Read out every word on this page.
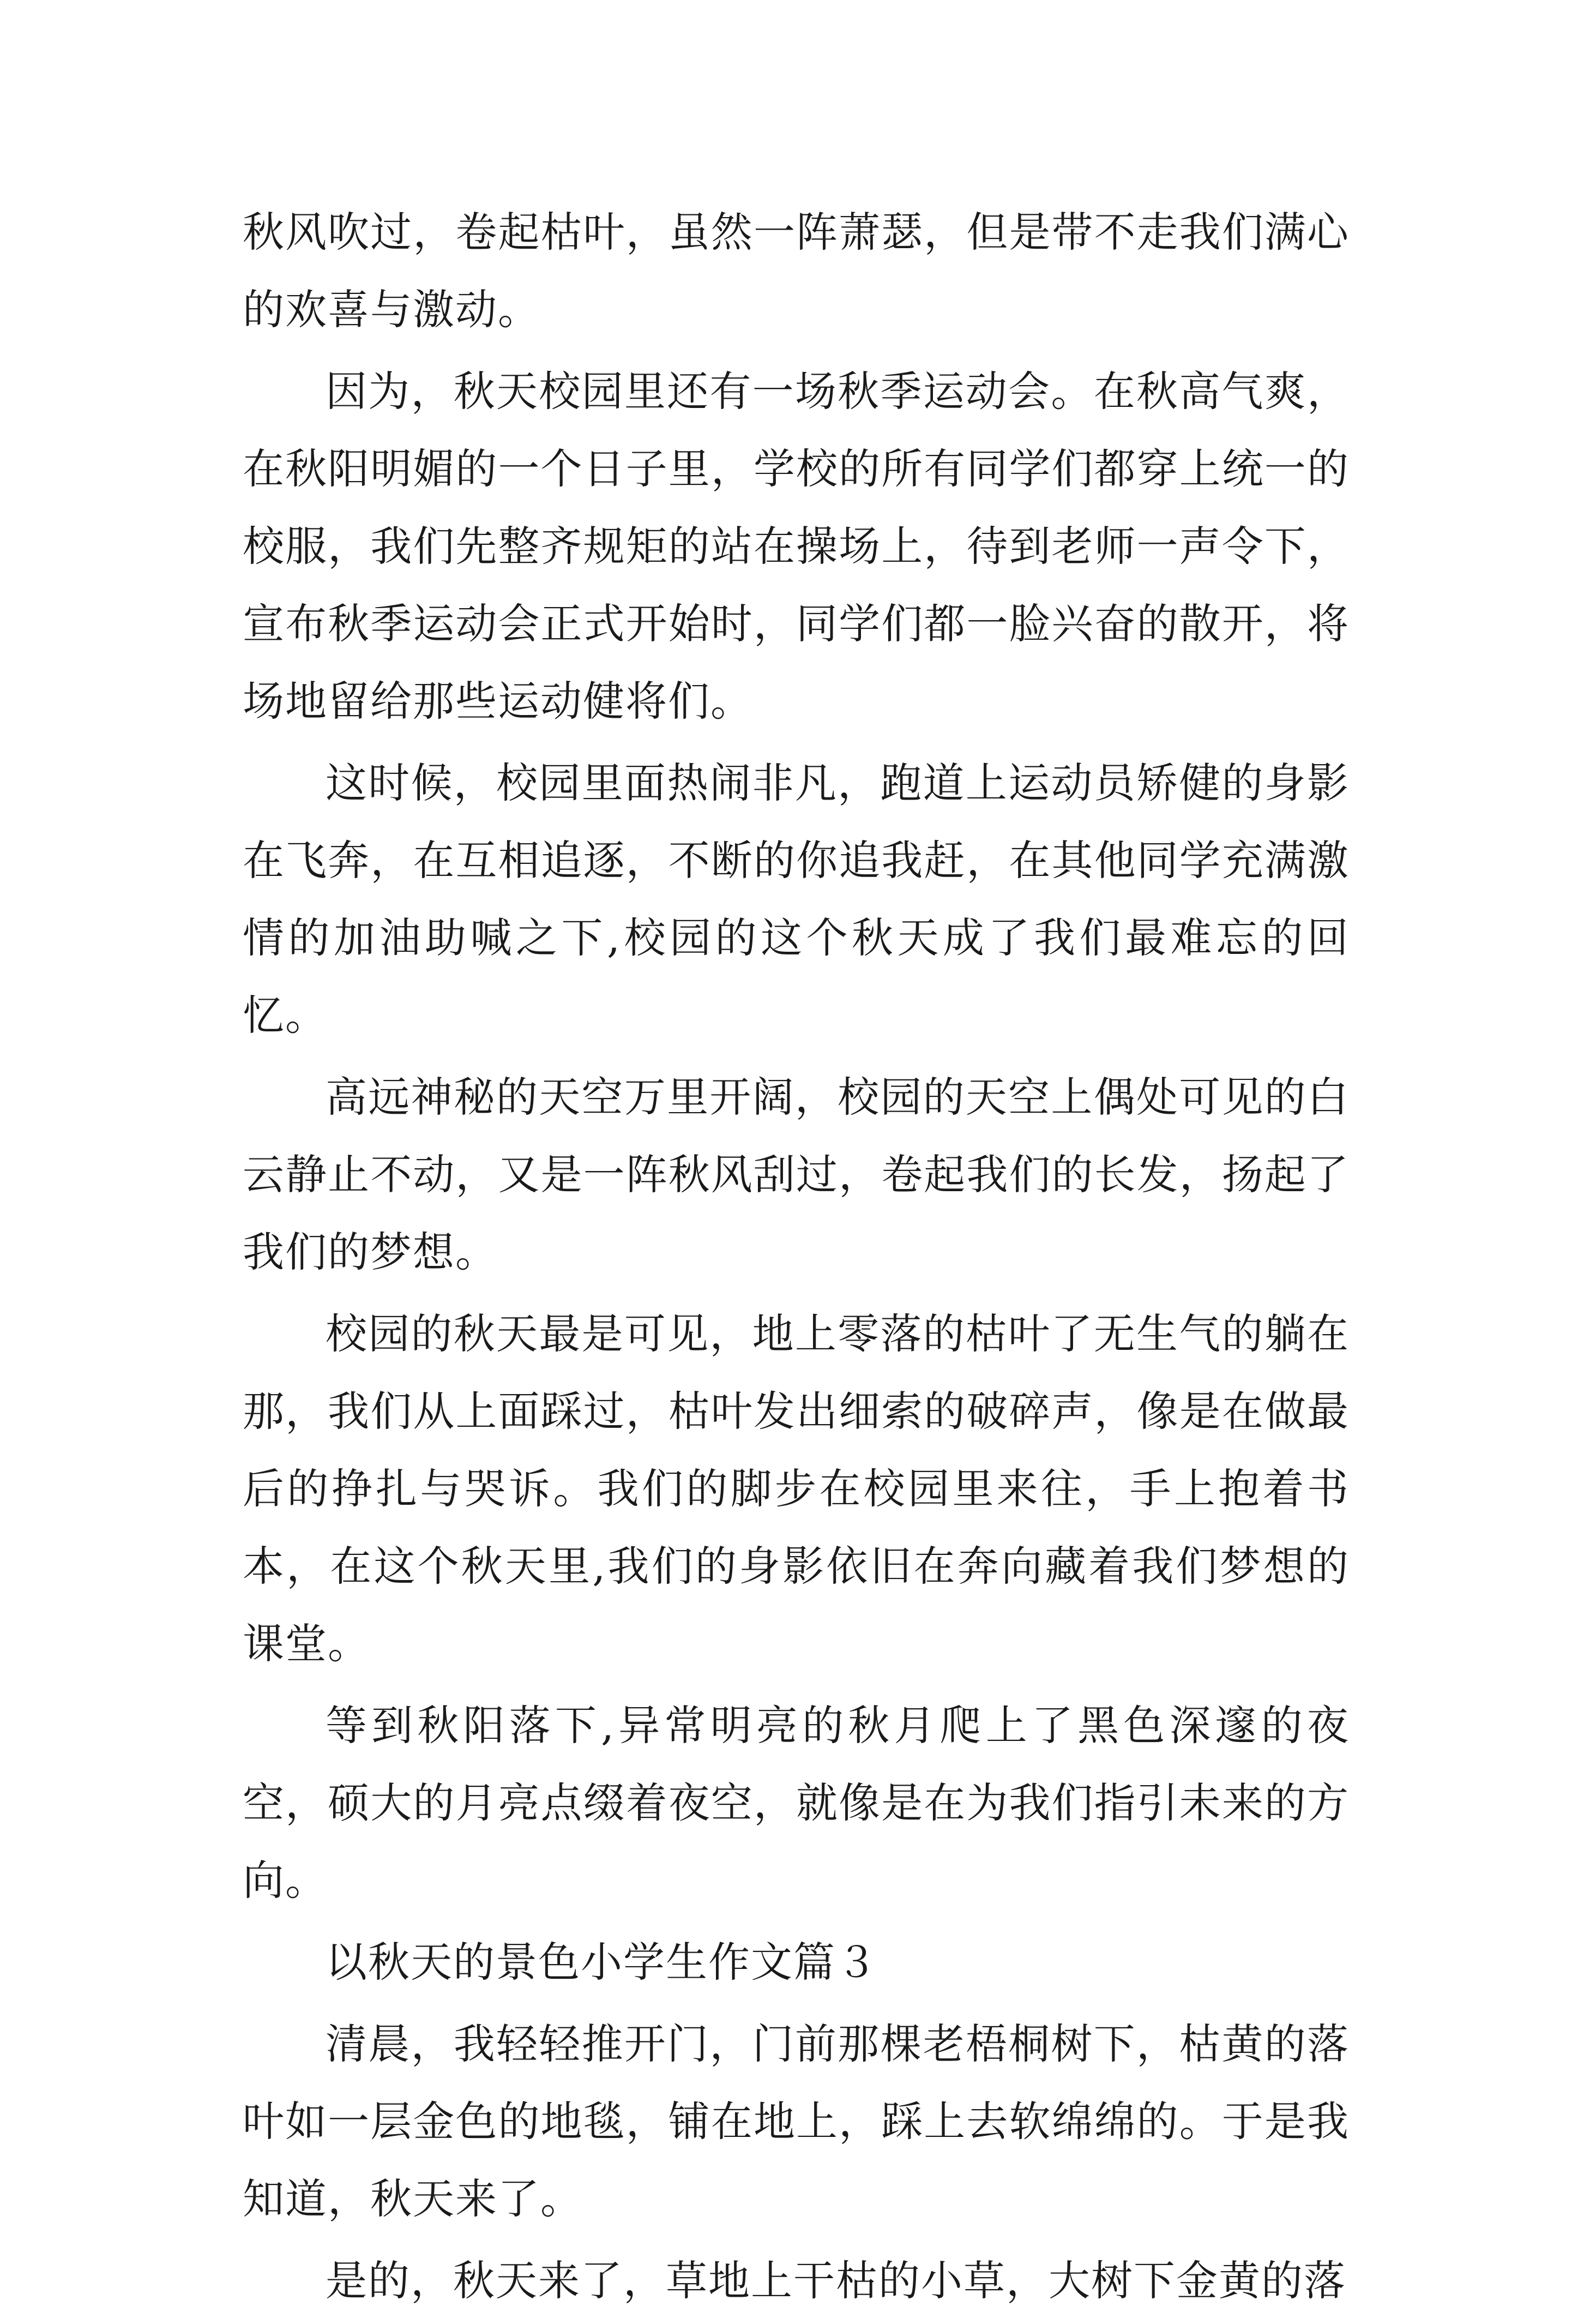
秋风吹过，卷起枯叶，虽然一阵萧瑟，但是带不走我们满心的欢喜与激动。

因为，秋天校园里还有一场秋季运动会。在秋高气爽，在秋阳明媚的一个日子里，学校的所有同学们都穿上统一的校服，我们先整齐规矩的站在操场上，待到老师一声令下，宣布秋季运动会正式开始时，同学们都一脸兴奋的散开，将场地留给那些运动健将们。

这时候，校园里面热闹非凡，跑道上运动员矫健的身影在飞奔，在互相追逐，不断的你追我赶，在其他同学充满激情的加油助喊之下,校园的这个秋天成了我们最难忘的回忆。

高远神秘的天空万里开阔，校园的天空上偶处可见的白云静止不动，又是一阵秋风刮过，卷起我们的长发，扬起了我们的梦想。

校园的秋天最是可见，地上零落的枯叶了无生气的躺在那，我们从上面踩过，枯叶发出细索的破碎声，像是在做最后的挣扎与哭诉。我们的脚步在校园里来往，手上抱着书本，在这个秋天里,我们的身影依旧在奔向藏着我们梦想的课堂。

等到秋阳落下,异常明亮的秋月爬上了黑色深邃的夜空，硕大的月亮点缀着夜空，就像是在为我们指引未来的方向。

以秋天的景色小学生作文篇３

清晨，我轻轻推开门，门前那棵老梧桐树下，枯黄的落叶如一层金色的地毯，铺在地上，踩上去软绵绵的。于是我知道，秋天来了。

是的，秋天来了，草地上干枯的小草，大树下金黄的落
